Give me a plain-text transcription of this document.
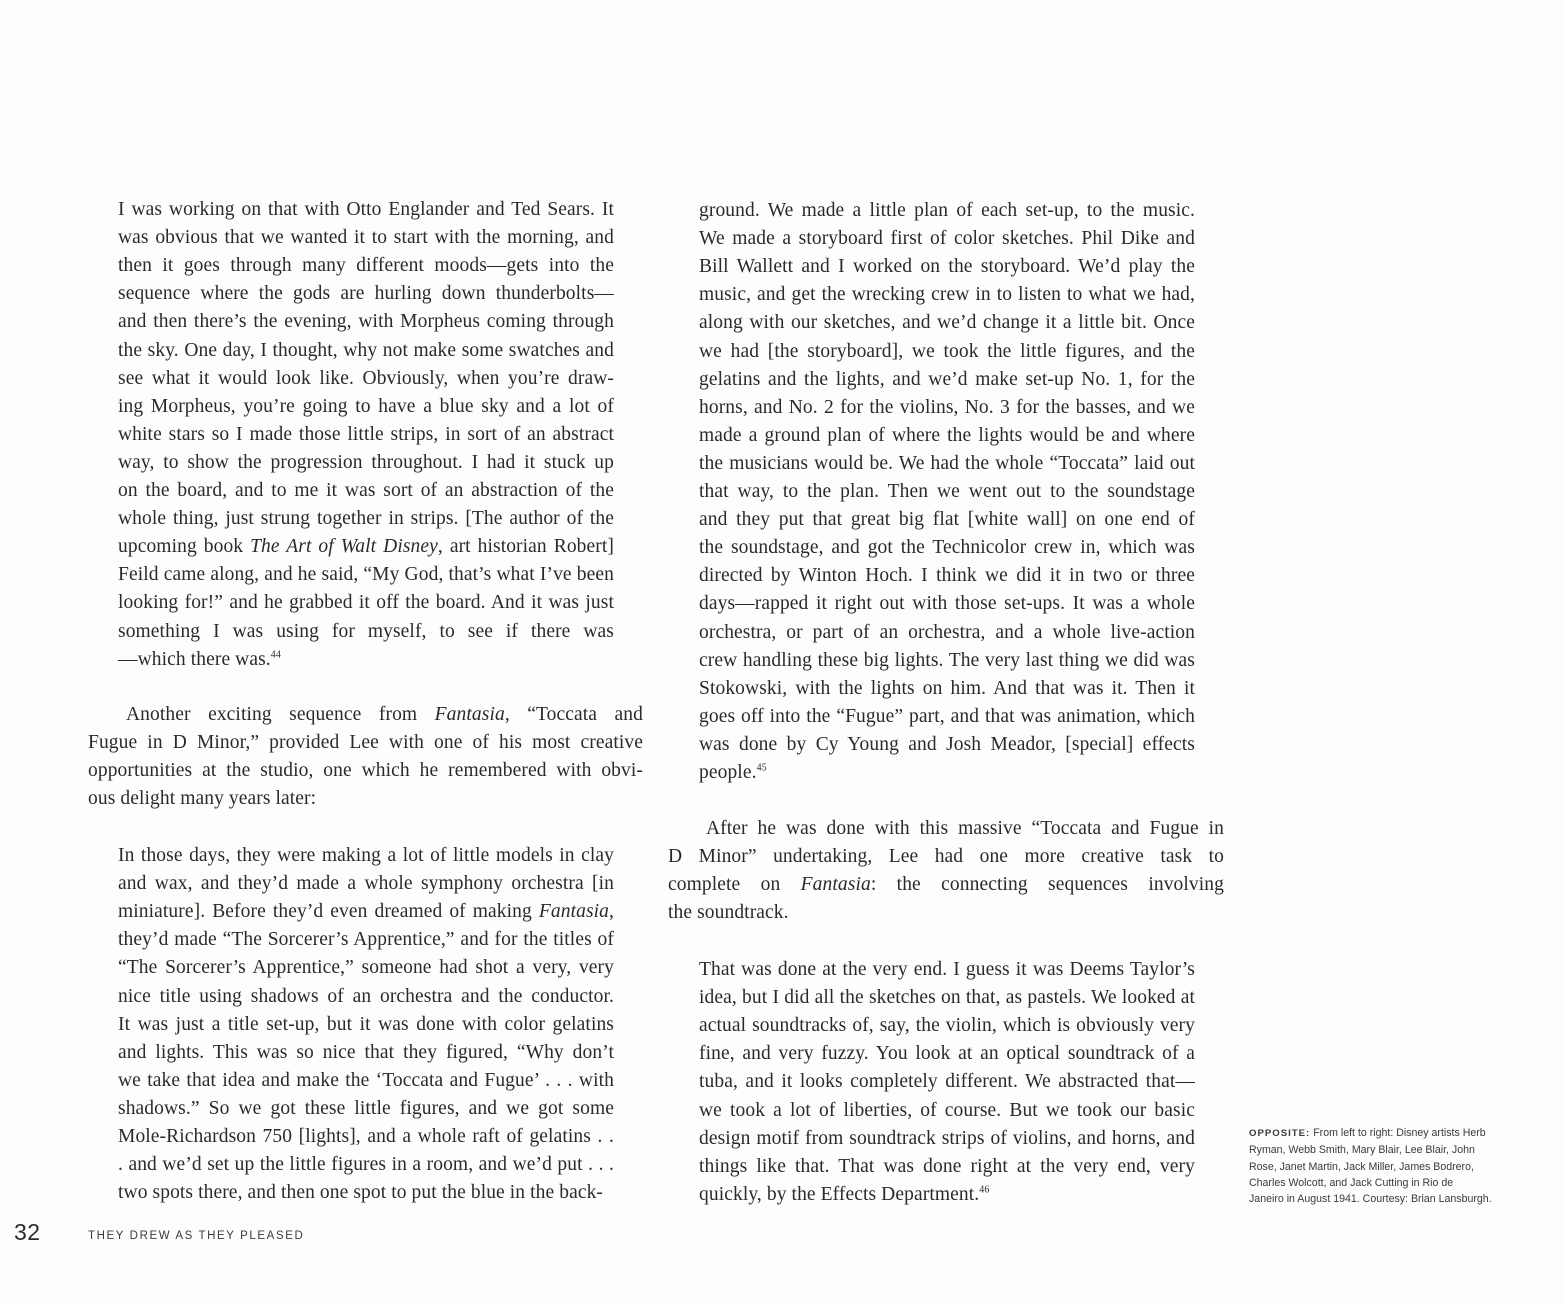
OPPOSITE: From left to right: Disney artists Herb
Ryman, Webb Smith, Mary Blair, Lee Blair, John
Rose, Janet Martin, Jack Miller, James Bodrero,
Charles Wolcott, and Jack Cutting in Rio de
Janeiro in August 1941. Courtesy: Brian Lansburgh.
32	THEY DREW AS THEY PLEASED
I was working on that with Otto Englander and Ted Sears. It
was obvious that we wanted it to start with the morning, and
then it goes through many different moods—gets into the
sequence where the gods are hurling down thunderbolts—
and then there’s the evening, with Morpheus coming through
the sky. One day, I thought, why not make some swatches and
see what it would look like. Obviously, when you’re draw-
ing Morpheus, you’re going to have a blue sky and a lot of
white stars so I made those little strips, in sort of an abstract
way, to show the progression throughout. I had it stuck up
on the board, and to me it was sort of an abstraction of the
whole thing, just strung together in strips. [The author of the
upcoming book The Art of Walt Disney, art historian Robert]
Feild came along, and he said, “My God, that’s what I’ve been
looking for!” and he grabbed it off the board. And it was just
something I was using for myself, to see if there was
—which there was.$^{44}$
Another exciting sequence from Fantasia, “Toccata and
Fugue in D Minor,” provided Lee with one of his most creative
opportunities at the studio, one which he remembered with obvi-
ous delight many years later:
In those days, they were making a lot of little models in clay
and wax, and they’d made a whole symphony orchestra [in
miniature]. Before they’d even dreamed of making Fantasia,
they’d made “The Sorcerer’s Apprentice,” and for the titles of
“The Sorcerer’s Apprentice,” someone had shot a very, very
nice title using shadows of an orchestra and the conductor.
It was just a title set-up, but it was done with color gelatins
and lights. This was so nice that they figured, “Why don’t
we take that idea and make the ‘Toccata and Fugue’ . . . with
shadows.” So we got these little figures, and we got some
Mole-Richardson 750 [lights], and a whole raft of gelatins . .
. and we’d set up the little figures in a room, and we’d put . . .
two spots there, and then one spot to put the blue in the back-
ground. We made a little plan of each set-up, to the music.
We made a storyboard first of color sketches. Phil Dike and
Bill Wallett and I worked on the storyboard. We’d play the
music, and get the wrecking crew in to listen to what we had,
along with our sketches, and we’d change it a little bit. Once
we had [the storyboard], we took the little figures, and the
gelatins and the lights, and we’d make set-up No. 1, for the
horns, and No. 2 for the violins, No. 3 for the basses, and we
made a ground plan of where the lights would be and where
the musicians would be. We had the whole “Toccata” laid out
that way, to the plan. Then we went out to the soundstage
and they put that great big flat [white wall] on one end of
the soundstage, and got the Technicolor crew in, which was
directed by Winton Hoch. I think we did it in two or three
days—rapped it right out with those set-ups. It was a whole
orchestra, or part of an orchestra, and a whole live-action
crew handling these big lights. The very last thing we did was
Stokowski, with the lights on him. And that was it. Then it
goes off into the “Fugue” part, and that was animation, which
was done by Cy Young and Josh Meador, [special] effects
people.$^{45}$
After he was done with this massive “Toccata and Fugue in
D Minor” undertaking, Lee had one more creative task to
complete on Fantasia: the connecting sequences involving
the soundtrack.
That was done at the very end. I guess it was Deems Taylor’s
idea, but I did all the sketches on that, as pastels. We looked at
actual soundtracks of, say, the violin, which is obviously very
fine, and very fuzzy. You look at an optical soundtrack of a
tuba, and it looks completely different. We abstracted that—
we took a lot of liberties, of course. But we took our basic
design motif from soundtrack strips of violins, and horns, and
things like that. That was done right at the very end, very
quickly, by the Effects Department.$^{46}$
